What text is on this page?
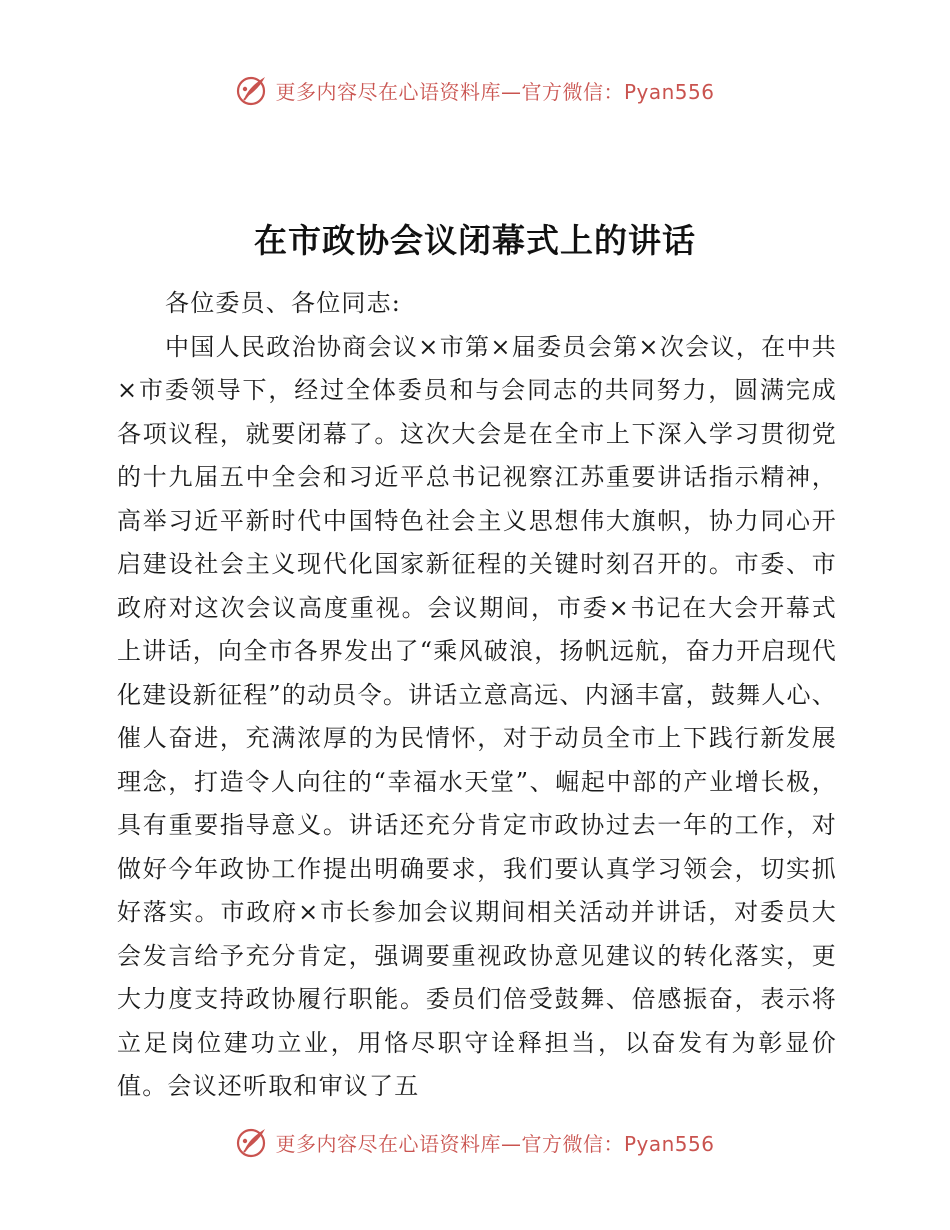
更多内容尽在心语资料库—官方微信：Pyan556
在市政协会议闭幕式上的讲话

各位委员、各位同志:

中国人民政治协商会议×市第×届委员会第×次会议，在中共×市委领导下，经过全体委员和与会同志的共同努力，圆满完成各项议程，就要闭幕了。这次大会是在全市上下深入学习贯彻党的十九届五中全会和习近平总书记视察江苏重要讲话指示精神，高举习近平新时代中国特色社会主义思想伟大旗帜，协力同心开启建设社会主义现代化国家新征程的关键时刻召开的。市委、市政府对这次会议高度重视。会议期间，市委×书记在大会开幕式上讲话，向全市各界发出了“乘风破浪，扬帆远航，奋力开启现代化建设新征程”的动员令。讲话立意高远、内涵丰富，鼓舞人心、催人奋进，充满浓厚的为民情怀，对于动员全市上下践行新发展理念，打造令人向往的“幸福水天堂”、崛起中部的产业增长极，具有重要指导意义。讲话还充分肯定市政协过去一年的工作，对做好今年政协工作提出明确要求，我们要认真学习领会，切实抓好落实。市政府×市长参加会议期间相关活动并讲话，对委员大会发言给予充分肯定，强调要重视政协意见建议的转化落实，更大力度支持政协履行职能。委员们倍受鼓舞、倍感振奋，表示将立足岗位建功立业，用恪尽职守诠释担当，以奋发有为彰显价值。会议还听取和审议了五

更多内容尽在心语资料库—官方微信：Pyan556
